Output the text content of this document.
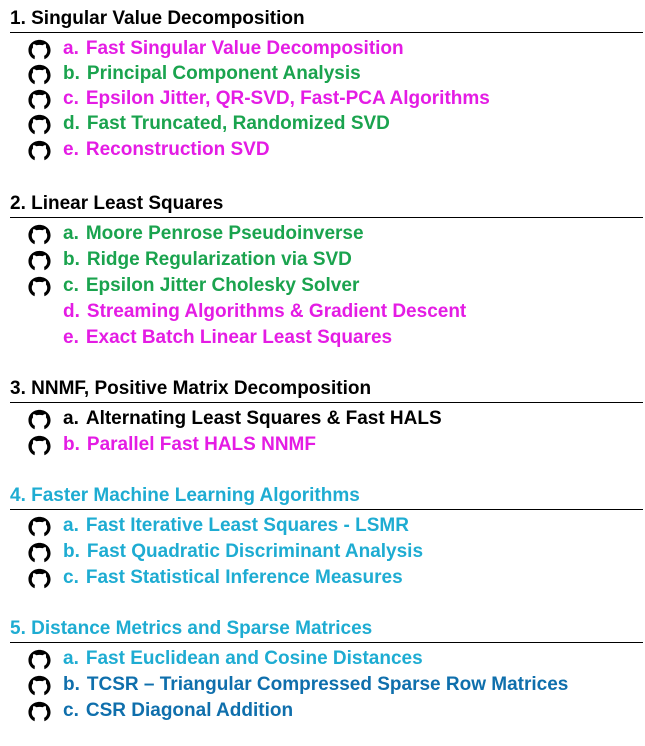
1. Singular Value Decomposition
a. Fast Singular Value Decomposition
b. Principal Component Analysis
c. Epsilon Jitter, QR-SVD, Fast-PCA Algorithms
d. Fast Truncated, Randomized SVD
e. Reconstruction SVD
2. Linear Least Squares
a. Moore Penrose Pseudoinverse
b. Ridge Regularization via SVD
c. Epsilon Jitter Cholesky Solver
d. Streaming Algorithms & Gradient Descent
e. Exact Batch Linear Least Squares
3. NNMF, Positive Matrix Decomposition
a. Alternating Least Squares & Fast HALS
b. Parallel Fast HALS NNMF
4. Faster Machine Learning Algorithms
a. Fast Iterative Least Squares - LSMR
b. Fast Quadratic Discriminant Analysis
c. Fast Statistical Inference Measures
5. Distance Metrics and Sparse Matrices
a. Fast Euclidean and Cosine Distances
b. TCSR – Triangular Compressed Sparse Row Matrices
c. CSR Diagonal Addition
